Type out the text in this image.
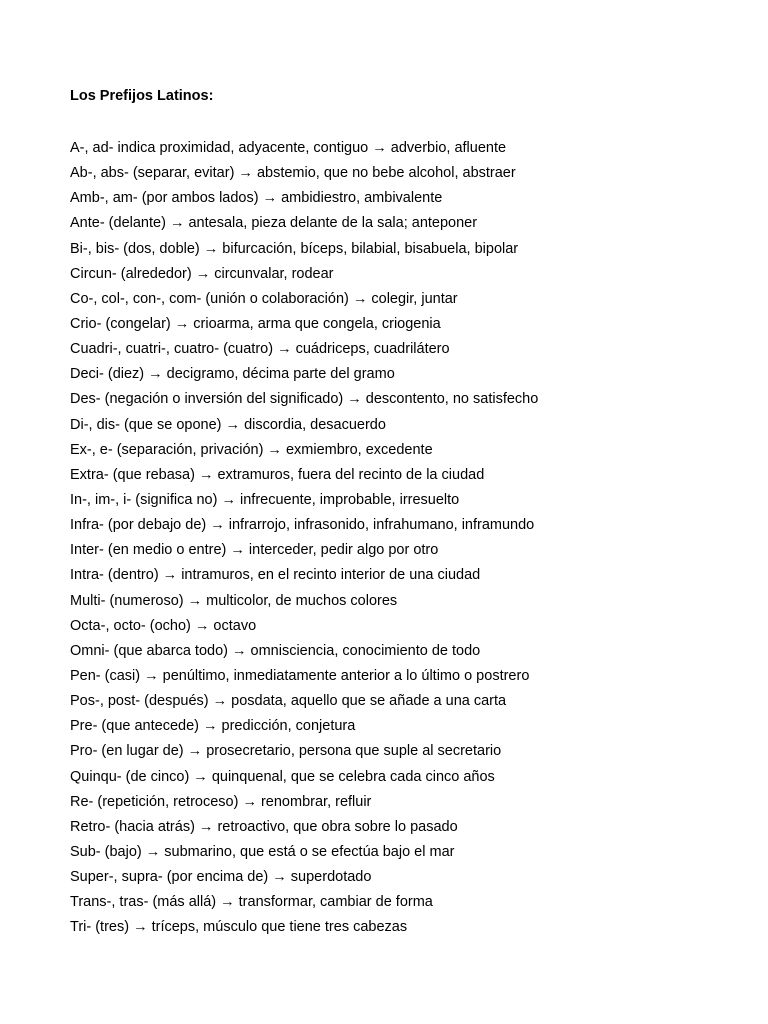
Los Prefijos Latinos:
A-, ad- indica proximidad, adyacente, contiguo → adverbio, afluente
Ab-, abs- (separar, evitar) → abstemio, que no bebe alcohol, abstraer
Amb-, am- (por ambos lados) → ambidiestro, ambivalente
Ante- (delante) → antesala, pieza delante de la sala; anteponer
Bi-, bis- (dos, doble) → bifurcación, bíceps, bilabial, bisabuela, bipolar
Circun- (alrededor) → circunvalar, rodear
Co-, col-, con-, com- (unión o colaboración) → colegir, juntar
Crio- (congelar) → crioarma, arma que congela, criogenia
Cuadri-, cuatri-, cuatro- (cuatro) → cuádriceps, cuadrilátero
Deci- (diez) → decigramo, décima parte del gramo
Des- (negación o inversión del significado) → descontento, no satisfecho
Di-, dis- (que se opone) → discordia, desacuerdo
Ex-, e- (separación, privación) → exmiembro, excedente
Extra- (que rebasa) → extramuros, fuera del recinto de la ciudad
In-, im-, i- (significa no) → infrecuente, improbable, irresuelto
Infra- (por debajo de) → infrarrojo, infrasonido, infrahumano, inframundo
Inter- (en medio o entre) → interceder, pedir algo por otro
Intra- (dentro) → intramuros, en el recinto interior de una ciudad
Multi- (numeroso) → multicolor, de muchos colores
Octa-, octo- (ocho) → octavo
Omni- (que abarca todo) → omnisciencia, conocimiento de todo
Pen- (casi) → penúltimo, inmediatamente anterior a lo último o postrero
Pos-, post- (después) → posdata, aquello que se añade a una carta
Pre- (que antecede) → predicción, conjetura
Pro- (en lugar de) → prosecretario, persona que suple al secretario
Quinqu- (de cinco) → quinquenal, que se celebra cada cinco años
Re- (repetición, retroceso) → renombrar, refluir
Retro- (hacia atrás) → retroactivo, que obra sobre lo pasado
Sub- (bajo) → submarino, que está o se efectúa bajo el mar
Super-, supra- (por encima de) → superdotado
Trans-, tras- (más allá) → transformar, cambiar de forma
Tri- (tres) → tríceps, músculo que tiene tres cabezas
